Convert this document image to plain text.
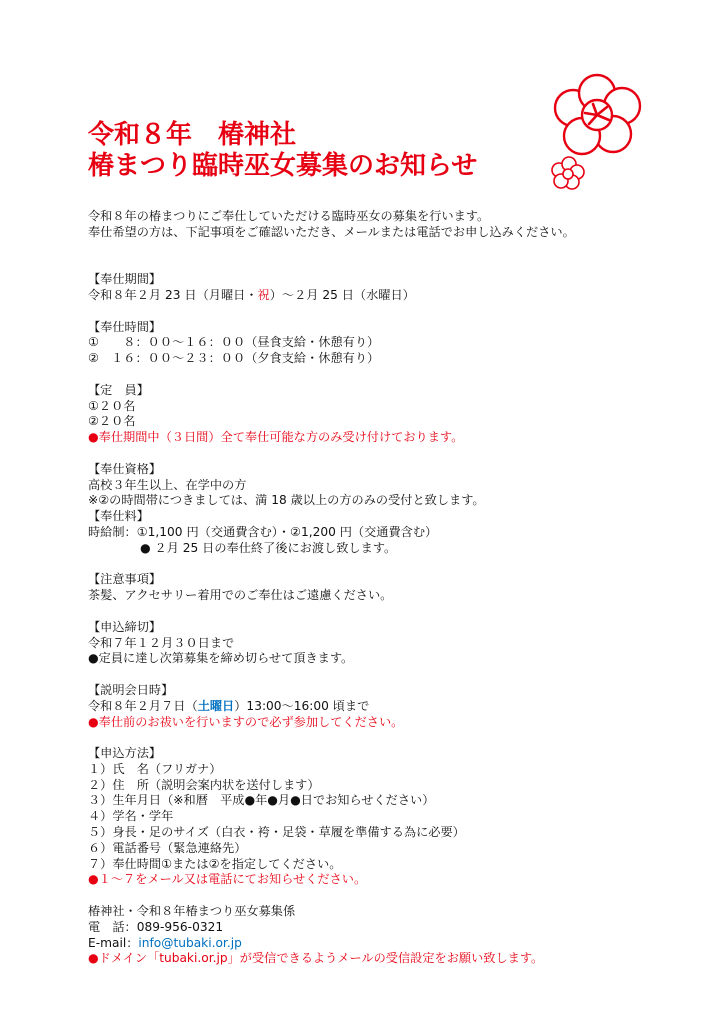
令和８年　椿神社
椿まつり臨時巫女募集のお知らせ
令和８年の椿まつりにご奉仕していただける臨時巫女の募集を行います。
奉仕希望の方は、下記事項をご確認いただき、メールまたは電話でお申し込みください。
【奉仕期間】
令和８年２月 23 日（月曜日・祝）～２月 25 日（水曜日）
【奉仕時間】
①　　８：００～１６：００（昼食支給・休憩有り）
②　１６：００～２３：００（夕食支給・休憩有り）
【定　員】
①２０名
②２０名
●奉仕期間中（３日間）全て奉仕可能な方のみ受け付けております。
【奉仕資格】
高校３年生以上、在学中の方
※②の時間帯につきましては、満 18 歳以上の方のみの受付と致します。
【奉仕料】
時給制：①1,100 円（交通費含む）・②1,200 円（交通費含む）
● ２月 25 日の奉仕終了後にお渡し致します。
【注意事項】
茶髪、アクセサリー着用でのご奉仕はご遠慮ください。
【申込締切】
令和７年１２月３０日まで
●定員に達し次第募集を締め切らせて頂きます。
【説明会日時】
令和８年２月７日（土曜日）13:00～16:00 頃まで
●奉仕前のお祓いを行いますので必ず参加してください。
【申込方法】
１）氏　名（フリガナ）
２）住　所（説明会案内状を送付します）
３）生年月日（※和暦　平成●年●月●日でお知らせください）
４）学名・学年
５）身長・足のサイズ（白衣・袴・足袋・草履を準備する為に必要）
６）電話番号（緊急連絡先）
７）奉仕時間①または②を指定してください。
●１～７をメール又は電話にてお知らせください。
椿神社・令和８年椿まつり巫女募集係
電　話：089-956-0321
E-mail：info@tubaki.or.jp
●ドメイン「tubaki.or.jp」が受信できるようメールの受信設定をお願い致します。
